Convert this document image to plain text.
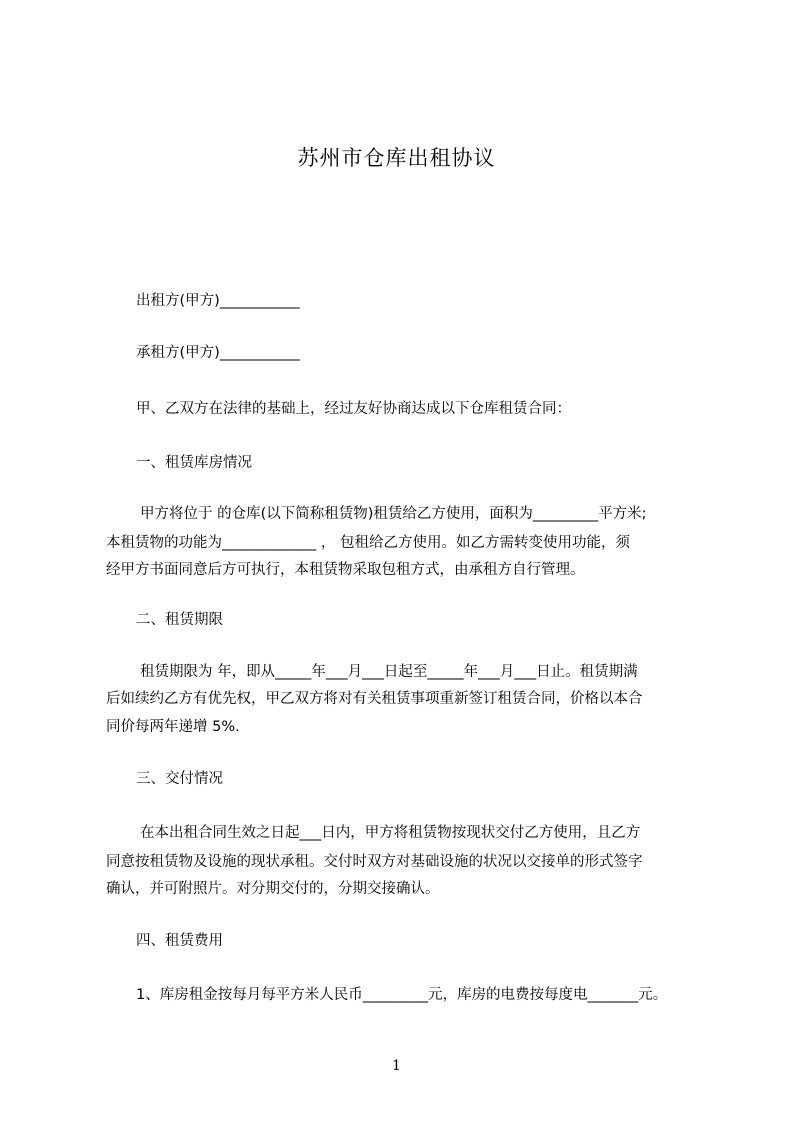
苏州市仓库出租协议
出租方(甲方)___________
承租方(甲方)___________
甲、乙双方在法律的基础上，经过友好协商达成以下仓库租赁合同：
一、租赁库房情况
甲方将位于 的仓库(以下简称租赁物)租赁给乙方使用，面积为_________平方米;
本租赁物的功能为_____________ ， 包租给乙方使用。如乙方需转变使用功能，须
经甲方书面同意后方可执行，本租赁物采取包租方式，由承租方自行管理。
二、租赁期限
租赁期限为 年，即从_____年___月___日起至_____年___月___日止。租赁期满
后如续约乙方有优先权，甲乙双方将对有关租赁事项重新签订租赁合同，价格以本合
同价每两年递增 5%.
三、交付情况
在本出租合同生效之日起___日内，甲方将租赁物按现状交付乙方使用，且乙方
同意按租赁物及设施的现状承租。交付时双方对基础设施的状况以交接单的形式签字
确认，并可附照片。对分期交付的，分期交接确认。
四、租赁费用
1、库房租金按每月每平方米人民币_________元，库房的电费按每度电_______元。
1
